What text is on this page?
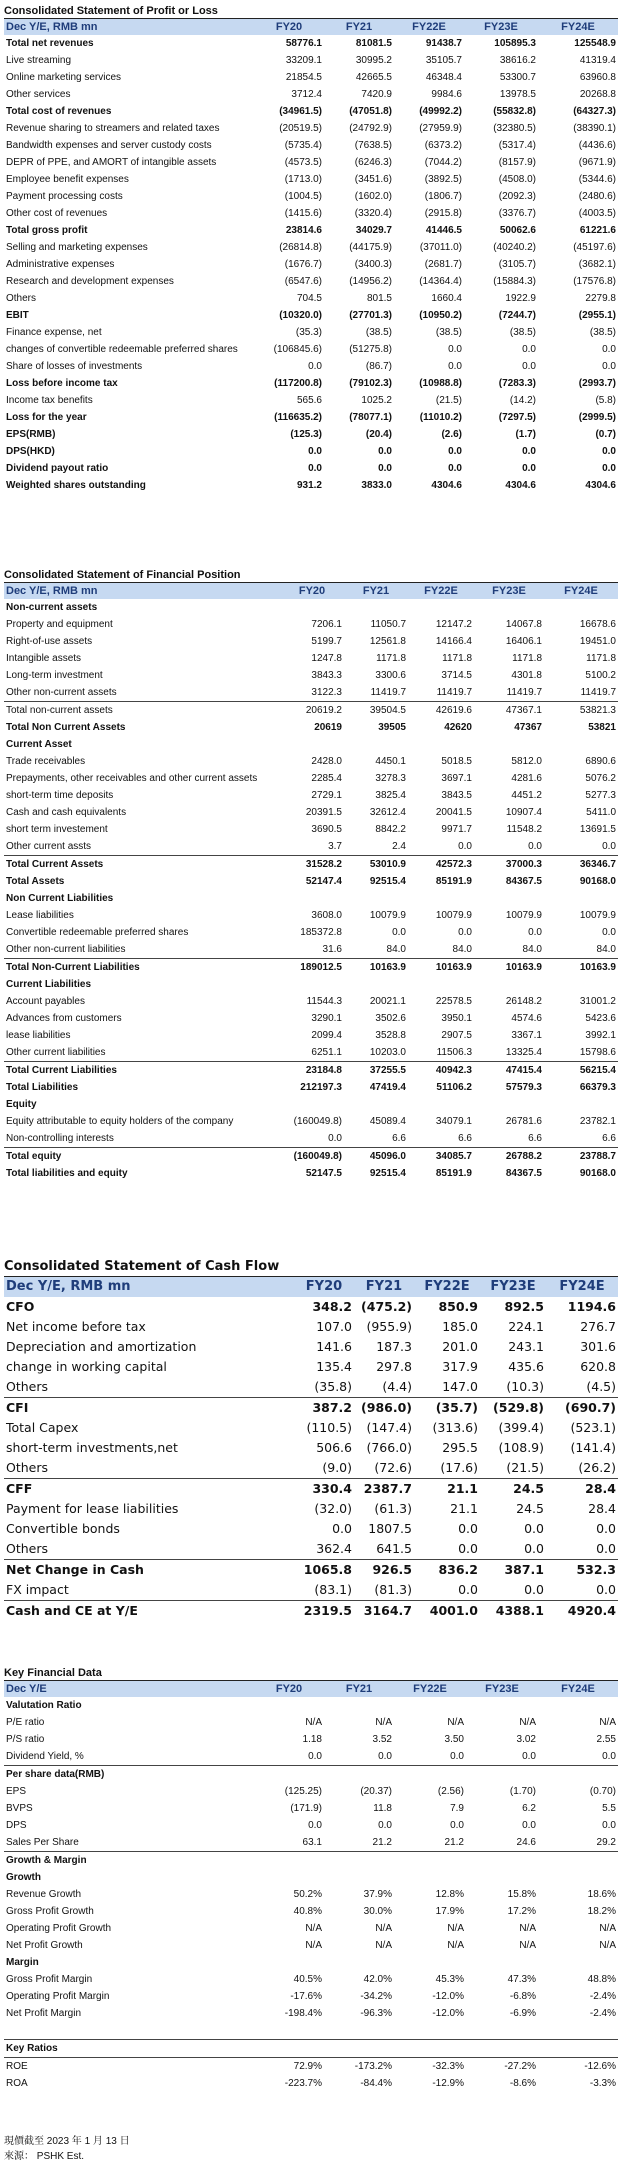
Consolidated Statement of Profit or Loss
Dec Y/E, RMB mn	FY20	FY21	FY22E	FY23E	FY24E
Total net revenues	58776.1	81081.5	91438.7	105895.3	125548.9
Live streaming	33209.1	30995.2	35105.7	38616.2	41319.4
Online marketing services	21854.5	42665.5	46348.4	53300.7	63960.8
Other services	3712.4	7420.9	9984.6	13978.5	20268.8
Total cost of revenues	(34961.5)	(47051.8)	(49992.2)	(55832.8)	(64327.3)
Revenue sharing to streamers and related taxes	(20519.5)	(24792.9)	(27959.9)	(32380.5)	(38390.1)
Bandwidth expenses and server custody costs	(5735.4)	(7638.5)	(6373.2)	(5317.4)	(4436.6)
DEPR of PPE, and AMORT of intangible assets	(4573.5)	(6246.3)	(7044.2)	(8157.9)	(9671.9)
Employee benefit expenses	(1713.0)	(3451.6)	(3892.5)	(4508.0)	(5344.6)
Payment processing costs	(1004.5)	(1602.0)	(1806.7)	(2092.3)	(2480.6)
Other cost of revenues	(1415.6)	(3320.4)	(2915.8)	(3376.7)	(4003.5)
Total gross profit	23814.6	34029.7	41446.5	50062.6	61221.6
Selling and marketing expenses	(26814.8)	(44175.9)	(37011.0)	(40240.2)	(45197.6)
Administrative expenses	(1676.7)	(3400.3)	(2681.7)	(3105.7)	(3682.1)
Research and development expenses	(6547.6)	(14956.2)	(14364.4)	(15884.3)	(17576.8)
Others	704.5	801.5	1660.4	1922.9	2279.8
EBIT	(10320.0)	(27701.3)	(10950.2)	(7244.7)	(2955.1)
Finance expense, net	(35.3)	(38.5)	(38.5)	(38.5)	(38.5)
changes of convertible redeemable preferred shares	(106845.6)	(51275.8)	0.0	0.0	0.0
Share of losses of investments	0.0	(86.7)	0.0	0.0	0.0
Loss before income tax	(117200.8)	(79102.3)	(10988.8)	(7283.3)	(2993.7)
Income tax benefits	565.6	1025.2	(21.5)	(14.2)	(5.8)
Loss for the year	(116635.2)	(78077.1)	(11010.2)	(7297.5)	(2999.5)
EPS(RMB)	(125.3)	(20.4)	(2.6)	(1.7)	(0.7)
DPS(HKD)	0.0	0.0	0.0	0.0	0.0
Dividend payout ratio	0.0	0.0	0.0	0.0	0.0
Weighted shares outstanding	931.2	3833.0	4304.6	4304.6	4304.6
Consolidated Statement of Financial Position
Dec Y/E, RMB mn	FY20	FY21	FY22E	FY23E	FY24E
Non-current assets					
Property and equipment	7206.1	11050.7	12147.2	14067.8	16678.6
Right-of-use assets	5199.7	12561.8	14166.4	16406.1	19451.0
Intangible assets	1247.8	1171.8	1171.8	1171.8	1171.8
Long-term investment	3843.3	3300.6	3714.5	4301.8	5100.2
Other non-current assets	3122.3	11419.7	11419.7	11419.7	11419.7
Total non-current assets	20619.2	39504.5	42619.6	47367.1	53821.3
Total Non Current Assets	20619	39505	42620	47367	53821
Current Asset					
Trade receivables	2428.0	4450.1	5018.5	5812.0	6890.6
Prepayments, other receivables and other current assets	2285.4	3278.3	3697.1	4281.6	5076.2
short-term time deposits	2729.1	3825.4	3843.5	4451.2	5277.3
Cash and cash equivalents	20391.5	32612.4	20041.5	10907.4	5411.0
short term investement	3690.5	8842.2	9971.7	11548.2	13691.5
Other current assts	3.7	2.4	0.0	0.0	0.0
Total Current Assets	31528.2	53010.9	42572.3	37000.3	36346.7
Total Assets	52147.4	92515.4	85191.9	84367.5	90168.0
Non Current Liabilities					
Lease liabilities	3608.0	10079.9	10079.9	10079.9	10079.9
Convertible redeemable preferred shares	185372.8	0.0	0.0	0.0	0.0
Other non-current liabilities	31.6	84.0	84.0	84.0	84.0
Total Non-Current Liabilities	189012.5	10163.9	10163.9	10163.9	10163.9
Current Liabilities					
Account payables	11544.3	20021.1	22578.5	26148.2	31001.2
Advances from customers	3290.1	3502.6	3950.1	4574.6	5423.6
lease liabilities	2099.4	3528.8	2907.5	3367.1	3992.1
Other current liabilities	6251.1	10203.0	11506.3	13325.4	15798.6
Total Current Liabilities	23184.8	37255.5	40942.3	47415.4	56215.4
Total Liabilities	212197.3	47419.4	51106.2	57579.3	66379.3
Equity					
Equity attributable to equity holders of the company	(160049.8)	45089.4	34079.1	26781.6	23782.1
Non-controlling interests	0.0	6.6	6.6	6.6	6.6
Total equity	(160049.8)	45096.0	34085.7	26788.2	23788.7
Total liabilities and equity	52147.5	92515.4	85191.9	84367.5	90168.0
Consolidated Statement of Cash Flow
Dec Y/E, RMB mn	FY20	FY21	FY22E	FY23E	FY24E
CFO	348.2	(475.2)	850.9	892.5	1194.6
Net income before tax	107.0	(955.9)	185.0	224.1	276.7
Depreciation and amortization	141.6	187.3	201.0	243.1	301.6
change in working capital	135.4	297.8	317.9	435.6	620.8
Others	(35.8)	(4.4)	147.0	(10.3)	(4.5)
CFI	387.2	(986.0)	(35.7)	(529.8)	(690.7)
Total Capex	(110.5)	(147.4)	(313.6)	(399.4)	(523.1)
short-term investments,net	506.6	(766.0)	295.5	(108.9)	(141.4)
Others	(9.0)	(72.6)	(17.6)	(21.5)	(26.2)
CFF	330.4	2387.7	21.1	24.5	28.4
Payment for lease liabilities	(32.0)	(61.3)	21.1	24.5	28.4
Convertible bonds	0.0	1807.5	0.0	0.0	0.0
Others	362.4	641.5	0.0	0.0	0.0
Net Change in Cash	1065.8	926.5	836.2	387.1	532.3
FX impact	(83.1)	(81.3)	0.0	0.0	0.0
Cash and CE at Y/E	2319.5	3164.7	4001.0	4388.1	4920.4
Key Financial Data
Dec Y/E	FY20	FY21	FY22E	FY23E	FY24E
Valutation Ratio					
P/E ratio	N/A	N/A	N/A	N/A	N/A
P/S ratio	1.18	3.52	3.50	3.02	2.55
Dividend Yield, %	0.0	0.0	0.0	0.0	0.0
Per share data(RMB)					
EPS	(125.25)	(20.37)	(2.56)	(1.70)	(0.70)
BVPS	(171.9)	11.8	7.9	6.2	5.5
DPS	0.0	0.0	0.0	0.0	0.0
Sales Per Share	63.1	21.2	21.2	24.6	29.2
Growth & Margin					
Growth					
Revenue Growth	50.2%	37.9%	12.8%	15.8%	18.6%
Gross Profit Growth	40.8%	30.0%	17.9%	17.2%	18.2%
Operating Profit Growth	N/A	N/A	N/A	N/A	N/A
Net Profit Growth	N/A	N/A	N/A	N/A	N/A
Margin					
Gross Profit Margin	40.5%	42.0%	45.3%	47.3%	48.8%
Operating Profit Margin	-17.6%	-34.2%	-12.0%	-6.8%	-2.4%
Net Profit Margin	-198.4%	-96.3%	-12.0%	-6.9%	-2.4%

Key Ratios					
ROE	72.9%	-173.2%	-32.3%	-27.2%	-12.6%
ROA	-223.7%	-84.4%	-12.9%	-8.6%	-3.3%
現價截至 2023 年 1 月 13 日
來源： PSHK Est.
